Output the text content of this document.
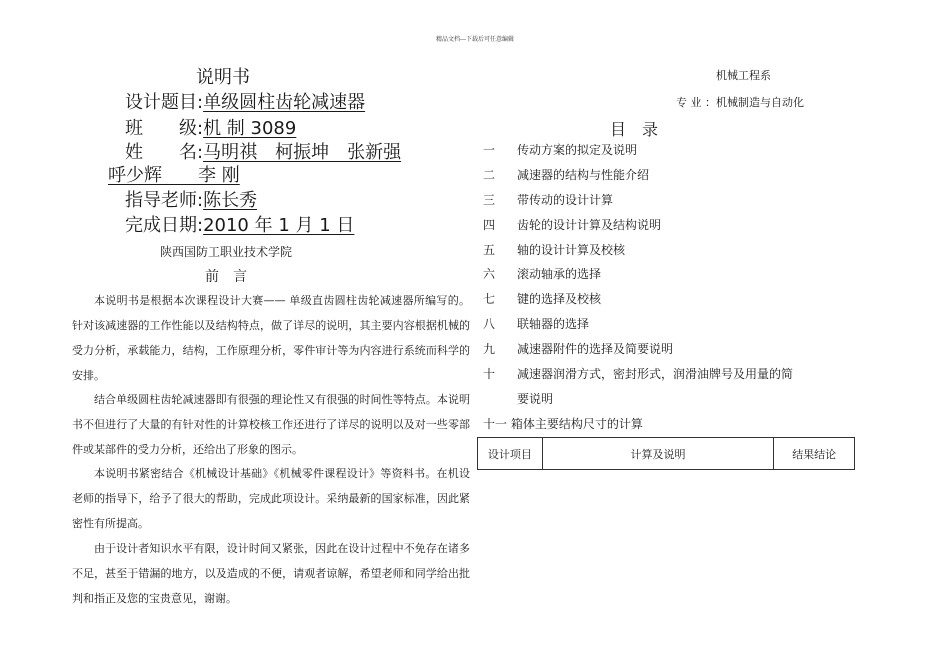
精品文档---下载后可任意编辑
说明书
设计题目:单级圆柱齿轮减速器
班　　级:机 制 3089
姓　　名:马明祺　柯振坤　张新强
呼少辉　　李 刚
指导老师:陈长秀
完成日期:2010 年 1 月 1 日
陕西国防工职业技术学院
前　言
本说明书是根据本次课程设计大赛—— 单级直齿圆柱齿轮减速器所编写的。针对该减速器的工作性能以及结构特点，做了详尽的说明，其主要内容根据机械的受力分析，承载能力，结构，工作原理分析，零件审计等为内容进行系统而科学的安排。
结合单级圆柱齿轮减速器即有很强的理论性又有很强的时间性等特点。本说明书不但进行了大量的有针对性的计算校核工作还进行了详尽的说明以及对一些零部件或某部件的受力分析，还给出了形象的图示。
本说明书紧密结合《机械设计基础》《机械零件课程设计》等资料书。在机设老师的指导下，给予了很大的帮助，完成此项设计。采纳最新的国家标准，因此紧密性有所提高。
由于设计者知识水平有限，设计时间又紧张，因此在设计过程中不免存在诸多不足，甚至于错漏的地方，以及造成的不便，请观者谅解，希望老师和同学给出批判和指正及您的宝贵意见，谢谢。
机械工程系
专 业 ：机械制造与自动化
目　录
一 传动方案的拟定及说明
二 减速器的结构与性能介绍
三 带传动的设计计算
四 齿轮的设计计算及结构说明
五 轴的设计计算及校核
六 滚动轴承的选择
七 键的选择及校核
八 联轴器的选择
九 减速器附件的选择及简要说明
十 减速器润滑方式，密封形式，润滑油牌号及用量的简
要说明
十一 箱体主要结构尺寸的计算
设计项目	计算及说明	结果结论
